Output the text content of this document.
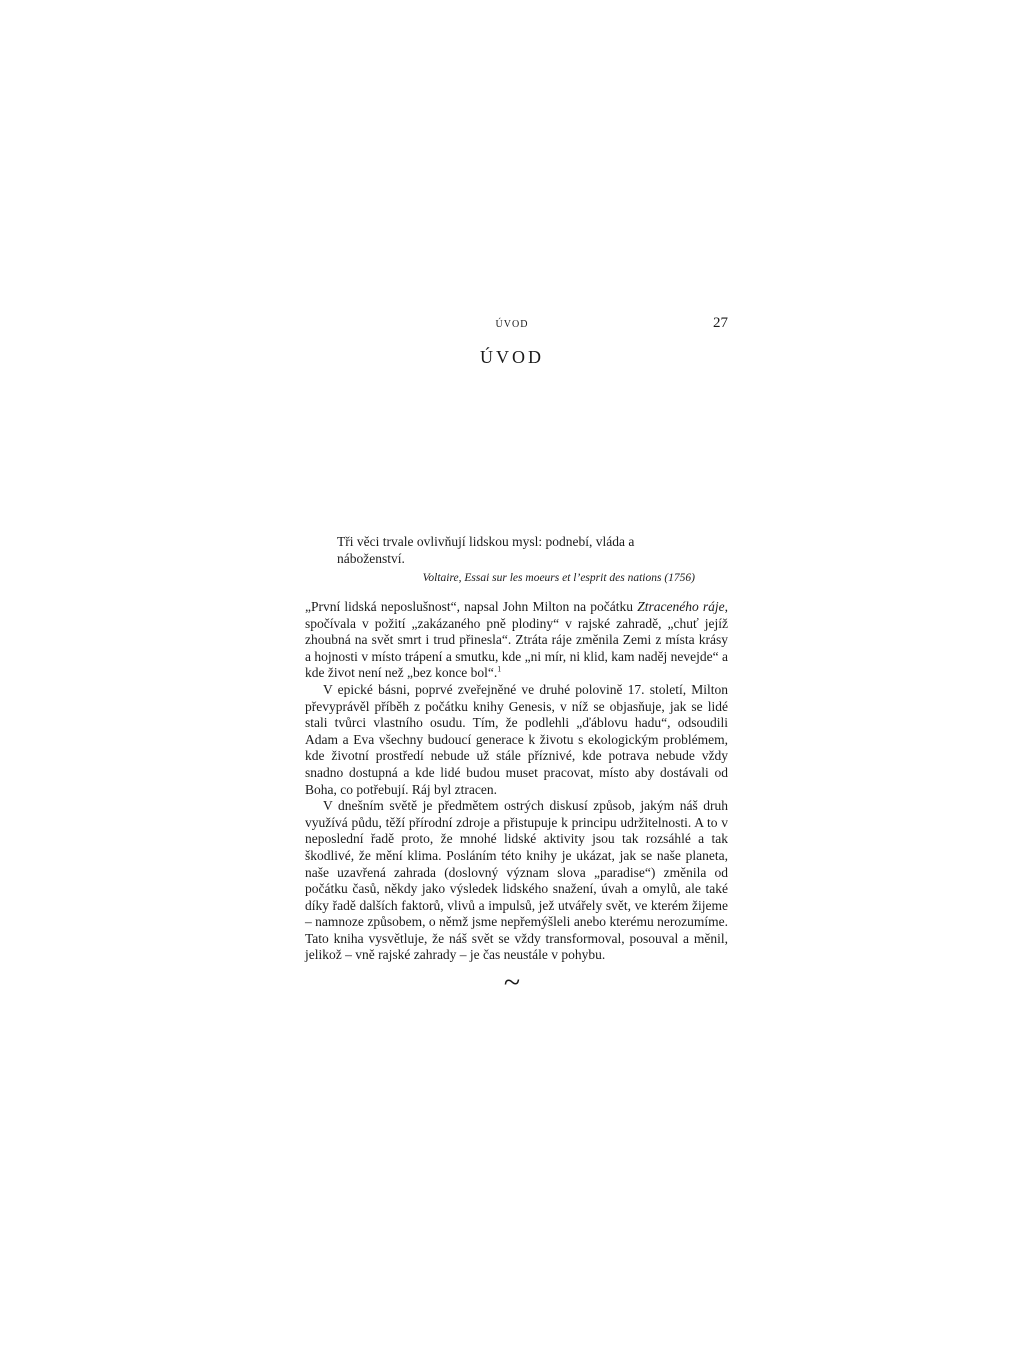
ÚVOD	27
ÚVOD

Tři věci trvale ovlivňují lidskou mysl: podnebí, vláda a náboženství.

Voltaire, Essai sur les moeurs et l’esprit des nations (1756)

„První lidská neposlušnost“, napsal John Milton na počátku Ztraceného ráje, spočívala v požití „zakázaného pně plodiny“ v rajské zahradě, „chuť jejíž zhoubná na svět smrt i trud přinesla“. Ztráta ráje změnila Zemi z místa krásy a hojnosti v místo trápení a smutku, kde „ni mír, ni klid, kam naděj nevejde“ a kde život není než „bez konce bol“.$^1$

V epické básni, poprvé zveřejněné ve druhé polovině 17. století, Milton převyprávěl příběh z počátku knihy Genesis, v níž se objasňuje, jak se lidé stali tvůrci vlastního osudu. Tím, že podlehli „ďáblovu hadu“, odsoudili Adam a Eva všechny budoucí generace k životu s ekologickým problémem, kde životní prostředí nebude už stále příznivé, kde potrava nebude vždy snadno dostupná a kde lidé budou muset pracovat, místo aby dostávali od Boha, co potřebují. Ráj byl ztracen.

V dnešním světě je předmětem ostrých diskusí způsob, jakým náš druh využívá půdu, těží přírodní zdroje a přistupuje k principu udržitelnosti. A to v neposlední řadě proto, že mnohé lidské aktivity jsou tak rozsáhlé a tak škodlivé, že mění klima. Posláním této knihy je ukázat, jak se naše planeta, naše uzavřená zahrada (doslovný význam slova „paradise“) změnila od počátku časů, někdy jako výsledek lidského snažení, úvah a omylů, ale také díky řadě dalších faktorů, vlivů a impulsů, jež utvářely svět, ve kterém žijeme – namnoze způsobem, o němž jsme nepřemýšleli anebo kterému nerozumíme. Tato kniha vysvětluje, že náš svět se vždy transformoval, posouval a měnil, jelikož – vně rajské zahrady – je čas neustále v pohybu.

~
